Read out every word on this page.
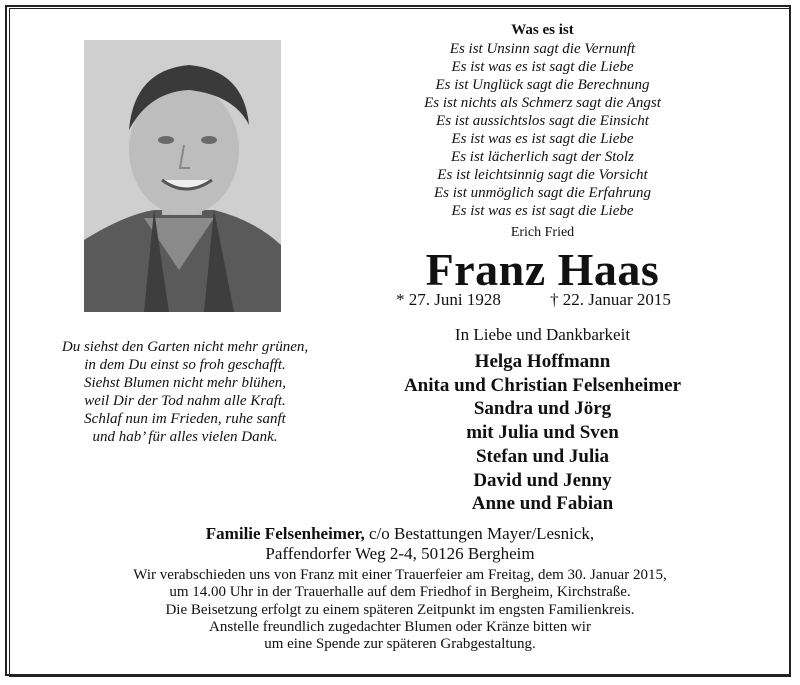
Was es ist
Es ist Unsinn sagt die Vernunft
Es ist was es ist sagt die Liebe
Es ist Unglück sagt die Berechnung
Es ist nichts als Schmerz sagt die Angst
Es ist aussichtslos sagt die Einsicht
Es ist was es ist sagt die Liebe
Es ist lächerlich sagt der Stolz
Es ist leichtsinnig sagt die Vorsicht
Es ist unmöglich sagt die Erfahrung
Es ist was es ist sagt die Liebe
Erich Fried
Franz Haas
* 27. Juni 1928	† 22. Januar 2015
In Liebe und Dankbarkeit
Helga Hoffmann
Anita und Christian Felsenheimer
Sandra und Jörg
mit Julia und Sven
Stefan und Julia
David und Jenny
Anne und Fabian
Du siehst den Garten nicht mehr grünen,
in dem Du einst so froh geschafft.
Siehst Blumen nicht mehr blühen,
weil Dir der Tod nahm alle Kraft.
Schlaf nun im Frieden, ruhe sanft
und hab’ für alles vielen Dank.
Familie Felsenheimer, c/o Bestattungen Mayer/Lesnick,
Paffendorfer Weg 2-4, 50126 Bergheim
Wir verabschieden uns von Franz mit einer Trauerfeier am Freitag, dem 30. Januar 2015,
um 14.00 Uhr in der Trauerhalle auf dem Friedhof in Bergheim, Kirchstraße.
Die Beisetzung erfolgt zu einem späteren Zeitpunkt im engsten Familienkreis.
Anstelle freundlich zugedachter Blumen oder Kränze bitten wir
um eine Spende zur späteren Grabgestaltung.
